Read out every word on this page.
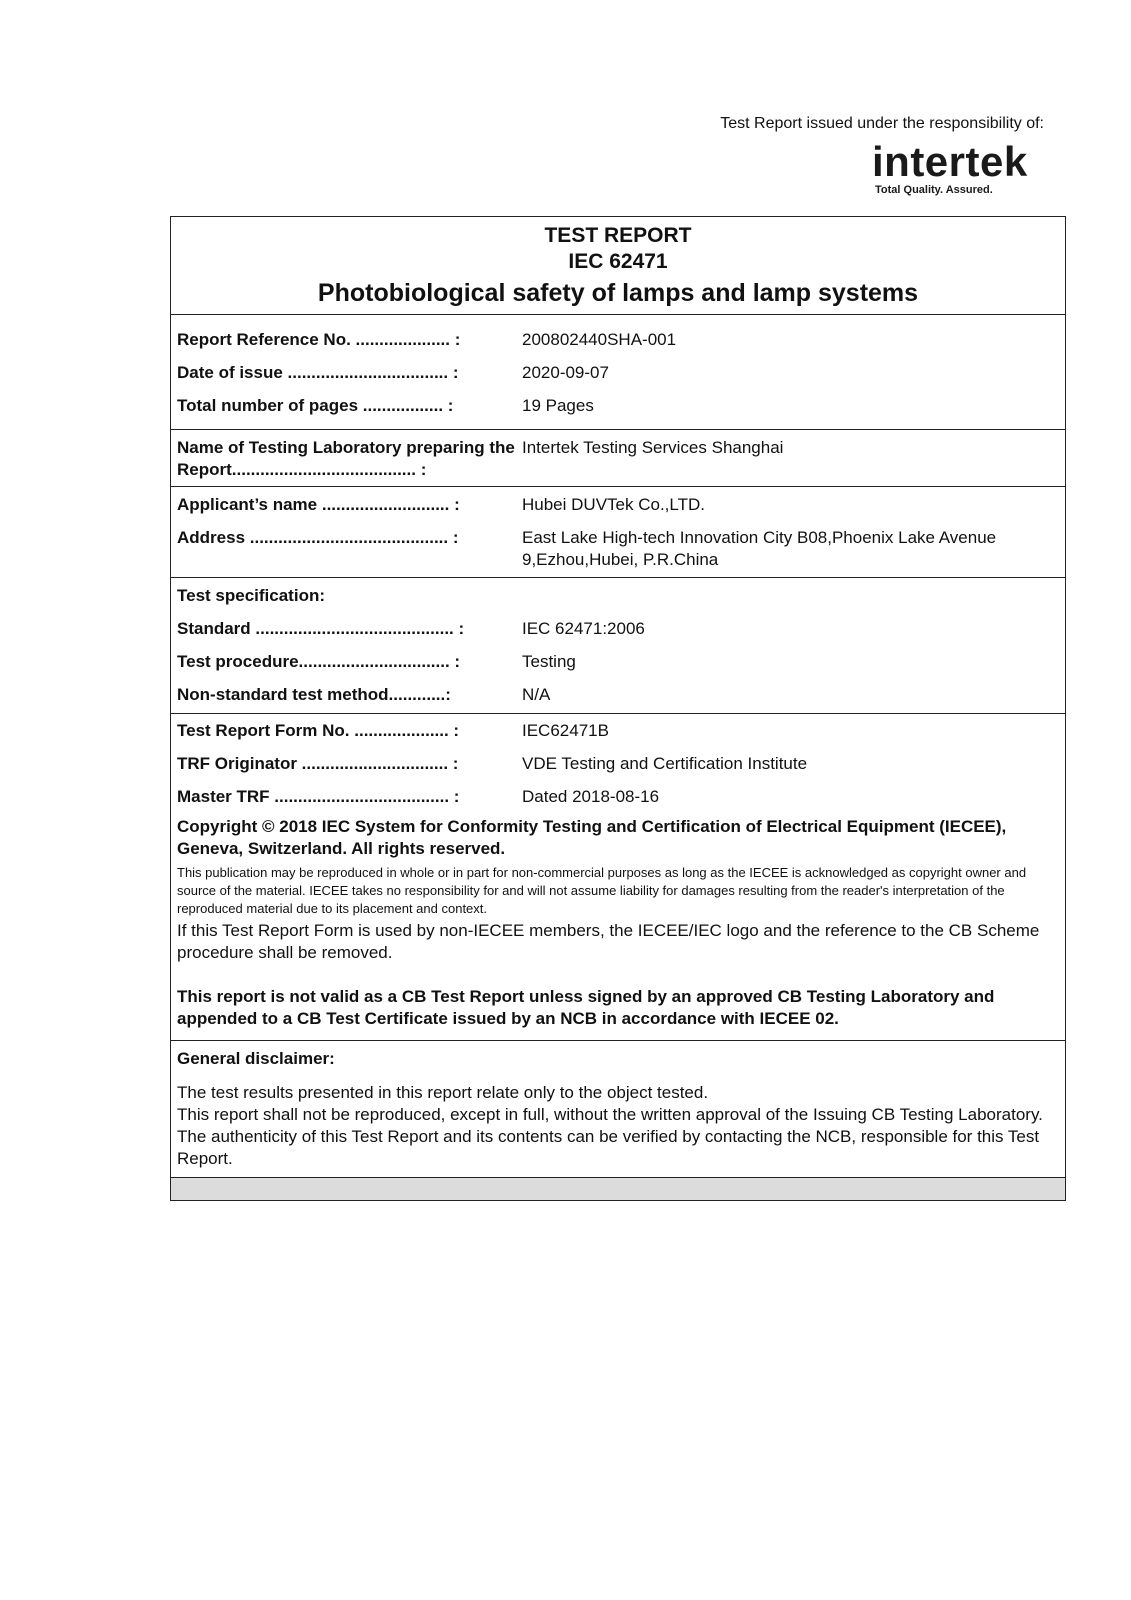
Test Report issued under the responsibility of:
intertek
Total Quality. Assured.
TEST REPORT
IEC 62471
Photobiological safety of lamps and lamp systems
Report Reference No. .................... :	200802440SHA-001
Date of issue .................................. :	2020-09-07
Total number of pages ................. :	19 Pages
Name of Testing Laboratory preparing the Report....................................... :
Intertek Testing Services Shanghai
Applicant’s name ........................... :	Hubei DUVTek Co.,LTD.
Address .......................................... :	East Lake High-tech Innovation City B08,Phoenix Lake Avenue 9,Ezhou,Hubei, P.R.China
Test specification:
Standard .......................................... :	IEC 62471:2006
Test procedure................................ :	Testing
Non-standard test method............:	N/A
Test Report Form No. .................... :	IEC62471B
TRF Originator ............................... :	VDE Testing and Certification Institute
Master TRF ..................................... :	Dated 2018-08-16
Copyright © 2018 IEC System for Conformity Testing and Certification of Electrical Equipment (IECEE), Geneva, Switzerland. All rights reserved.
This publication may be reproduced in whole or in part for non-commercial purposes as long as the IECEE is acknowledged as copyright owner and source of the material. IECEE takes no responsibility for and will not assume liability for damages resulting from the reader's interpretation of the reproduced material due to its placement and context.
If this Test Report Form is used by non-IECEE members, the IECEE/IEC logo and the reference to the CB Scheme procedure shall be removed.
This report is not valid as a CB Test Report unless signed by an approved CB Testing Laboratory and appended to a CB Test Certificate issued by an NCB in accordance with IECEE 02.
General disclaimer:
The test results presented in this report relate only to the object tested.
This report shall not be reproduced, except in full, without the written approval of the Issuing CB Testing Laboratory. The authenticity of this Test Report and its contents can be verified by contacting the NCB, responsible for this Test Report.
